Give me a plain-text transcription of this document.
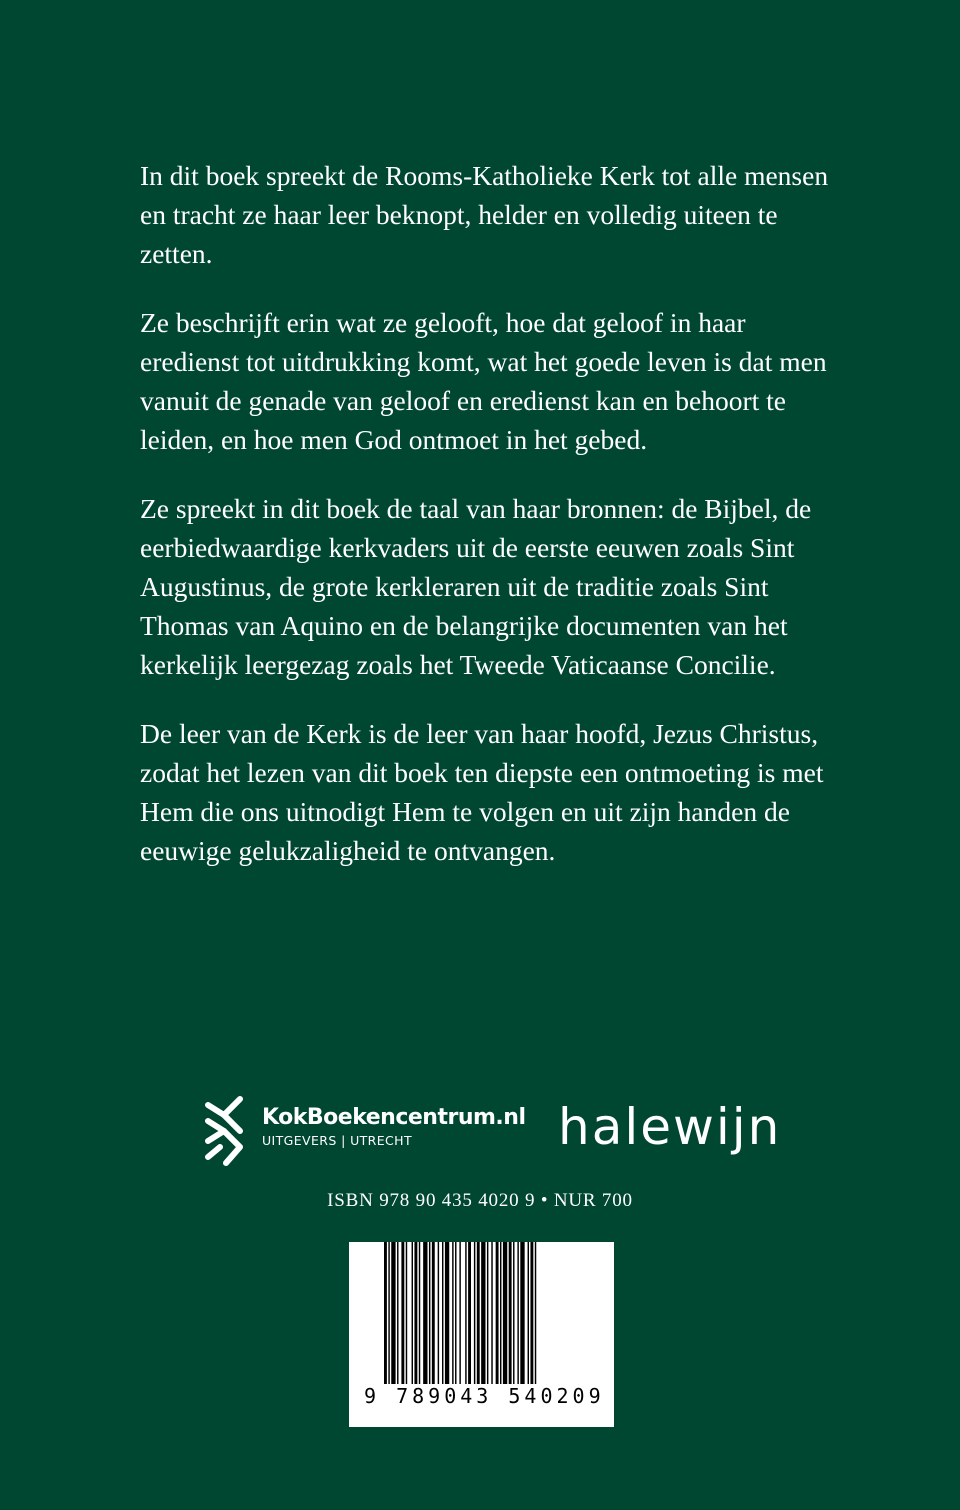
In dit boek spreekt de Rooms-Katholieke Kerk tot alle mensen en tracht ze haar leer beknopt, helder en volledig uiteen te zetten.

Ze beschrijft erin wat ze gelooft, hoe dat geloof in haar eredienst tot uitdrukking komt, wat het goede leven is dat men vanuit de genade van geloof en eredienst kan en behoort te leiden, en hoe men God ontmoet in het gebed.

Ze spreekt in dit boek de taal van haar bronnen: de Bijbel, de eerbiedwaardige kerkvaders uit de eerste eeuwen zoals Sint Augustinus, de grote kerkleraren uit de traditie zoals Sint Thomas van Aquino en de belangrijke documenten van het kerkelijk leergezag zoals het Tweede Vaticaanse Concilie.

De leer van de Kerk is de leer van haar hoofd, Jezus Christus, zodat het lezen van dit boek ten diepste een ontmoeting is met Hem die ons uitnodigt Hem te volgen en uit zijn handen de eeuwige gelukzaligheid te ontvangen.

KokBoekencentrum.nl
UITGEVERS | UTRECHT	halewijn
ISBN 978 90 435 4020 9 • NUR 700
9 789043 540209
